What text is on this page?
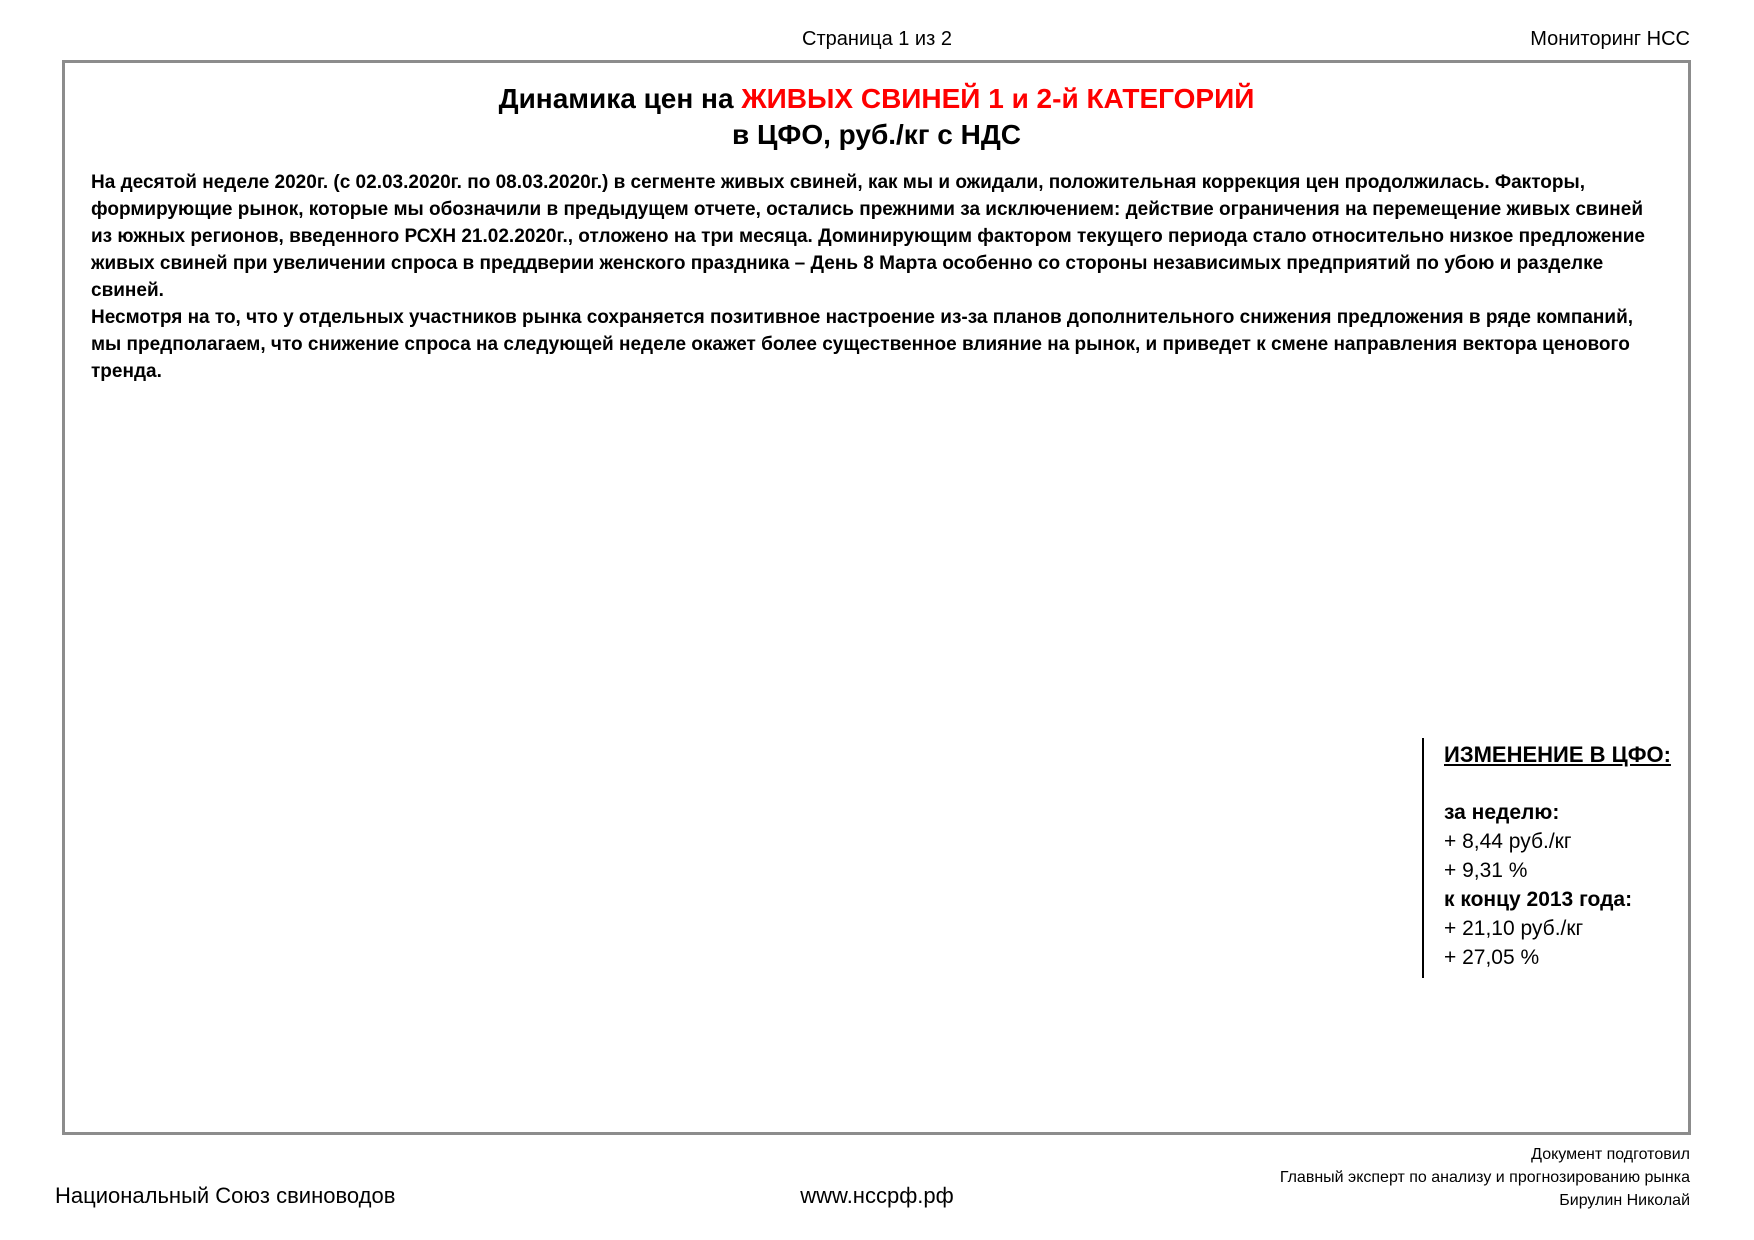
Страница 1 из 2	Мониторинг НСС
Динамика цен на ЖИВЫХ СВИНЕЙ 1 и 2-й КАТЕГОРИЙ
в ЦФО, руб./кг с НДС

На десятой неделе 2020г. (с 02.03.2020г. по 08.03.2020г.) в сегменте живых свиней, как мы и ожидали, положительная коррекция цен продолжилась. Факторы, формирующие рынок, которые мы обозначили в предыдущем отчете, остались прежними за исключением: действие ограничения на перемещение живых свиней из южных регионов, введенного РСХН 21.02.2020г., отложено на три месяца. Доминирующим фактором текущего периода стало относительно низкое предложение живых свиней при увеличении спроса в преддверии женского праздника – День 8 Марта особенно со стороны независимых предприятий по убою и разделке свиней.

Несмотря на то, что у отдельных участников рынка сохраняется позитивное настроение из-за планов дополнительного снижения предложения в ряде компаний, мы предполагаем, что снижение спроса на следующей неделе окажет более существенное влияние на рынок, и приведет к смене направления вектора ценового тренда.

ИЗМЕНЕНИЕ В ЦФО:
за неделю:
+ 8,44 руб./кг
+ 9,31 %
к концу 2013 года:
+ 21,10 руб./кг
+ 27,05 %
Национальный Союз свиноводов	www.нссрф.рф
Документ подготовил
Главный эксперт по анализу и прогнозированию рынка
Бирулин Николай
